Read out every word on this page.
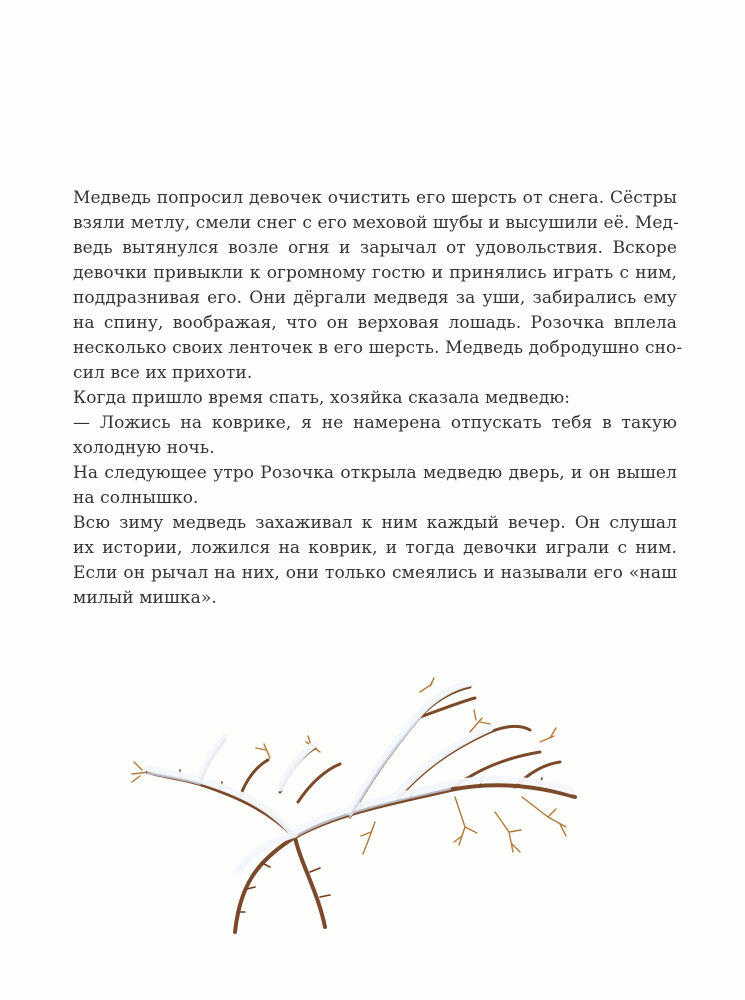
Медведь попросил девочек очистить его шерсть от снега. Сёстры
взяли метлу, смели снег с его меховой шубы и высушили её. Мед-
ведь вытянулся возле огня и зарычал от удовольствия. Вскоре
девочки привыкли к огромному гостю и принялись играть с ним,
поддразнивая его. Они дёргали медведя за уши, забирались ему
на спину, воображая, что он верховая лошадь. Розочка вплела
несколько своих ленточек в его шерсть. Медведь добродушно сно-
сил все их прихоти.

Когда пришло время спать, хозяйка сказала медведю:

— Ложись на коврике, я не намерена отпускать тебя в такую
холодную ночь.

На следующее утро Розочка открыла медведю дверь, и он вышел
на солнышко.

Всю зиму медведь захаживал к ним каждый вечер. Он слушал
их истории, ложился на коврик, и тогда девочки играли с ним.
Если он рычал на них, они только смеялись и называли его «наш
милый мишка».
